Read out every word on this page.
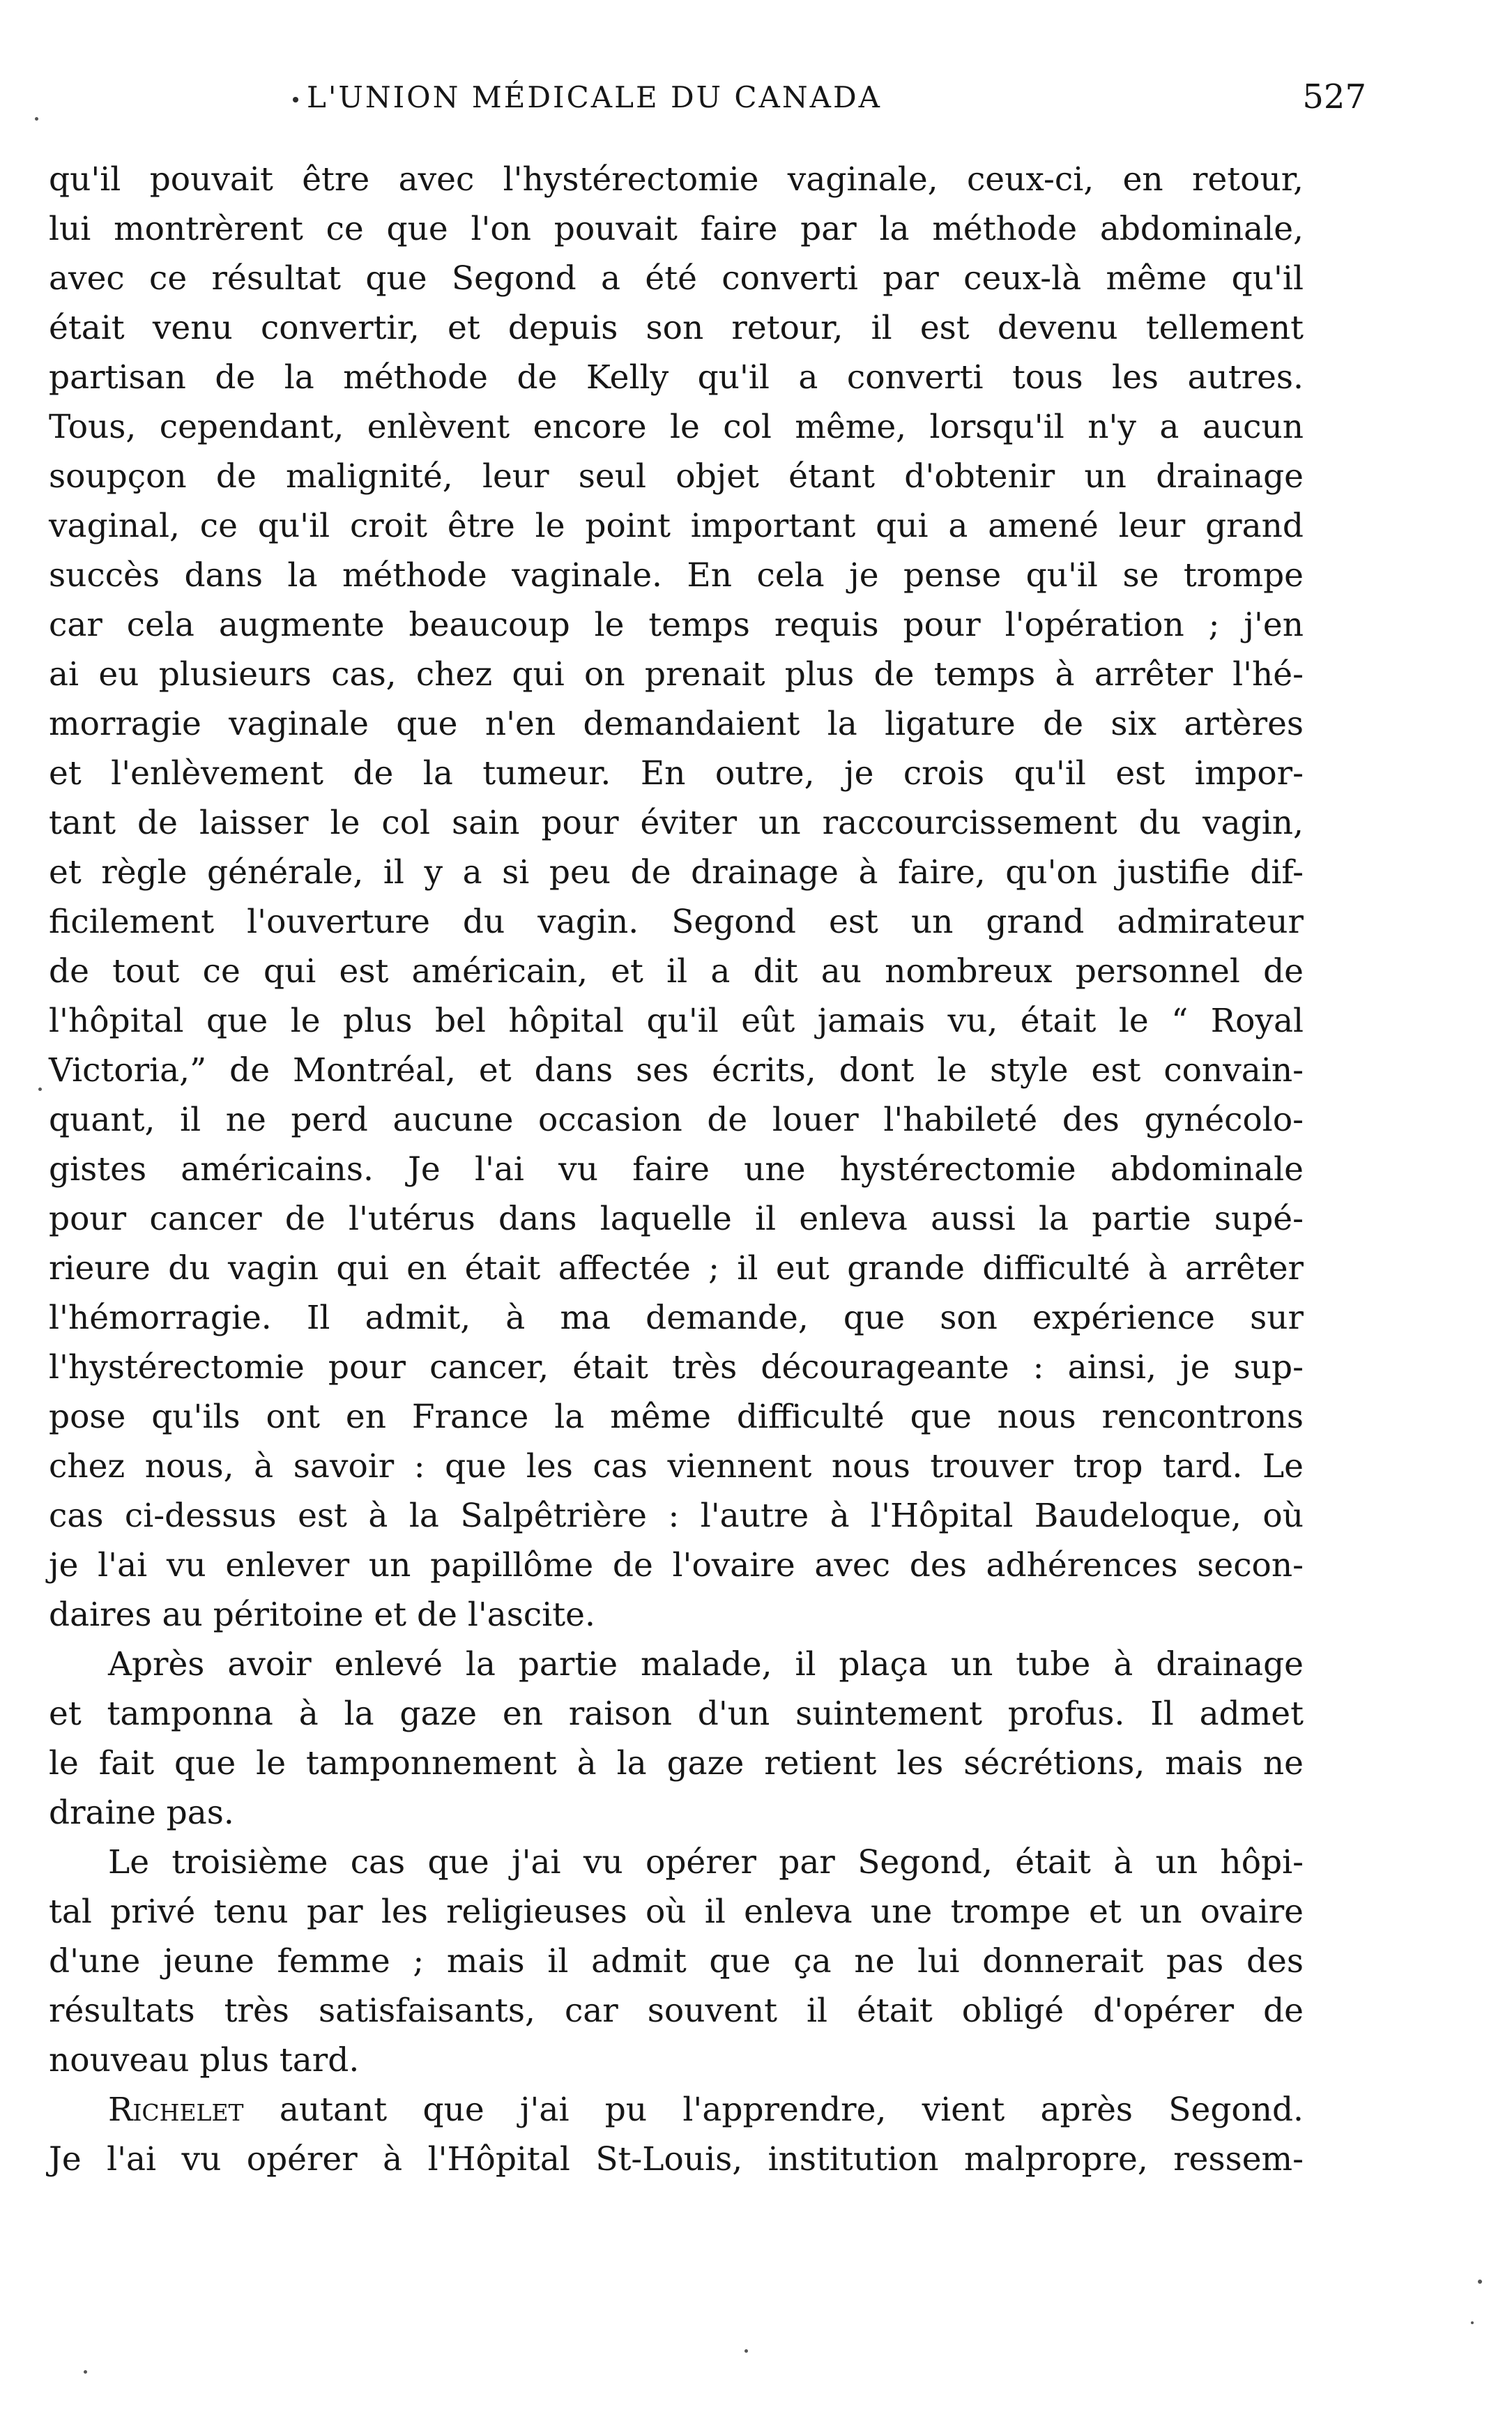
L'UNION MÉDICALE DU CANADA	527
qu'il pouvait être avec l'hystérectomie vaginale, ceux-ci, en retour,
lui montrèrent ce que l'on pouvait faire par la méthode abdominale,
avec ce résultat que Segond a été converti par ceux-là même qu'il
était venu convertir, et depuis son retour, il est devenu tellement
partisan de la méthode de Kelly qu'il a converti tous les autres.
Tous, cependant, enlèvent encore le col même, lorsqu'il n'y a aucun
soupçon de malignité, leur seul objet étant d'obtenir un drainage
vaginal, ce qu'il croit être le point important qui a amené leur grand
succès dans la méthode vaginale. En cela je pense qu'il se trompe
car cela augmente beaucoup le temps requis pour l'opération ; j'en
ai eu plusieurs cas, chez qui on prenait plus de temps à arrêter l'hé-
morragie vaginale que n'en demandaient la ligature de six artères
et l'enlèvement de la tumeur. En outre, je crois qu'il est impor-
tant de laisser le col sain pour éviter un raccourcissement du vagin,
et règle générale, il y a si peu de drainage à faire, qu'on justifie dif-
ficilement l'ouverture du vagin. Segond est un grand admirateur
de tout ce qui est américain, et il a dit au nombreux personnel de
l'hôpital que le plus bel hôpital qu'il eût jamais vu, était le “ Royal
Victoria,” de Montréal, et dans ses écrits, dont le style est convain-
quant, il ne perd aucune occasion de louer l'habileté des gynécolo-
gistes américains. Je l'ai vu faire une hystérectomie abdominale
pour cancer de l'utérus dans laquelle il enleva aussi la partie supé-
rieure du vagin qui en était affectée ; il eut grande difficulté à arrêter
l'hémorragie. Il admit, à ma demande, que son expérience sur
l'hystérectomie pour cancer, était très décourageante : ainsi, je sup-
pose qu'ils ont en France la même difficulté que nous rencontrons
chez nous, à savoir : que les cas viennent nous trouver trop tard. Le
cas ci-dessus est à la Salpêtrière : l'autre à l'Hôpital Baudeloque, où
je l'ai vu enlever un papillôme de l'ovaire avec des adhérences secon-
daires au péritoine et de l'ascite.
Après avoir enlevé la partie malade, il plaça un tube à drainage
et tamponna à la gaze en raison d'un suintement profus. Il admet
le fait que le tamponnement à la gaze retient les sécrétions, mais ne
draine pas.
Le troisième cas que j'ai vu opérer par Segond, était à un hôpi-
tal privé tenu par les religieuses où il enleva une trompe et un ovaire
d'une jeune femme ; mais il admit que ça ne lui donnerait pas des
résultats très satisfaisants, car souvent il était obligé d'opérer de
nouveau plus tard.
Richelet autant que j'ai pu l'apprendre, vient après Segond.
Je l'ai vu opérer à l'Hôpital St-Louis, institution malpropre, ressem-
